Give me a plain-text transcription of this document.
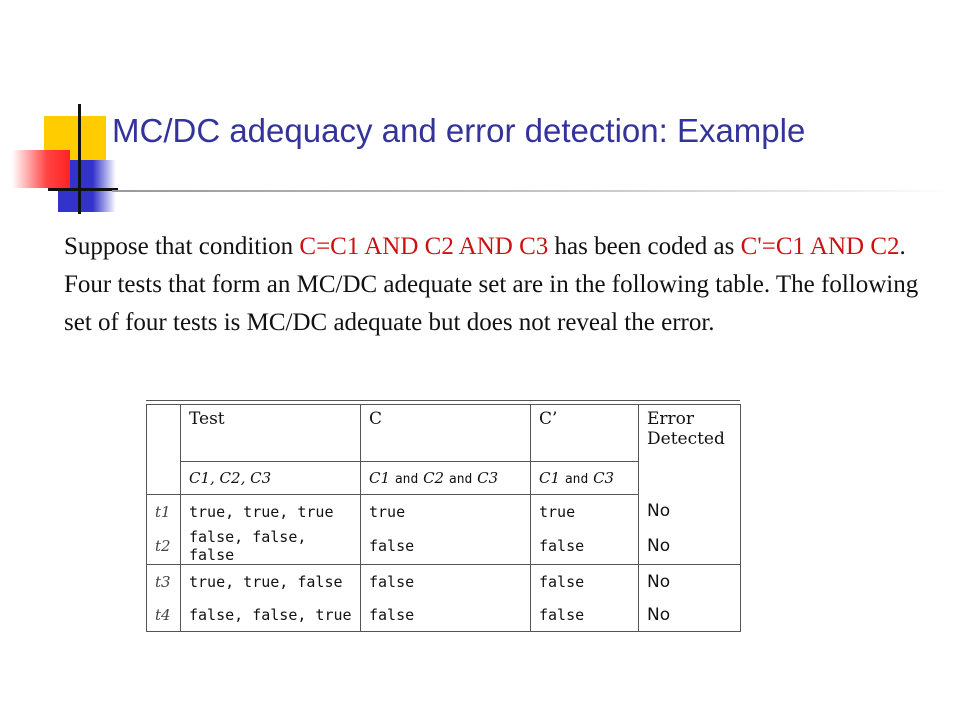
MC/DC adequacy and error detection: Example

Suppose that condition C=C1 AND C2 AND C3 has been coded as C'=C1 AND C2. Four tests that form an MC/DC adequate set are in the following table. The following set of four tests is MC/DC adequate but does not reveal the error.

	Test	C	C’	Error Detected
	C1, C2, C3	C1 and C2 and C3	C1 and C3	
t1	true, true, true	true	true	No
t2	false, false, false	false	false	No
t3	true, true, false	false	false	No
t4	false, false, true	false	false	No
